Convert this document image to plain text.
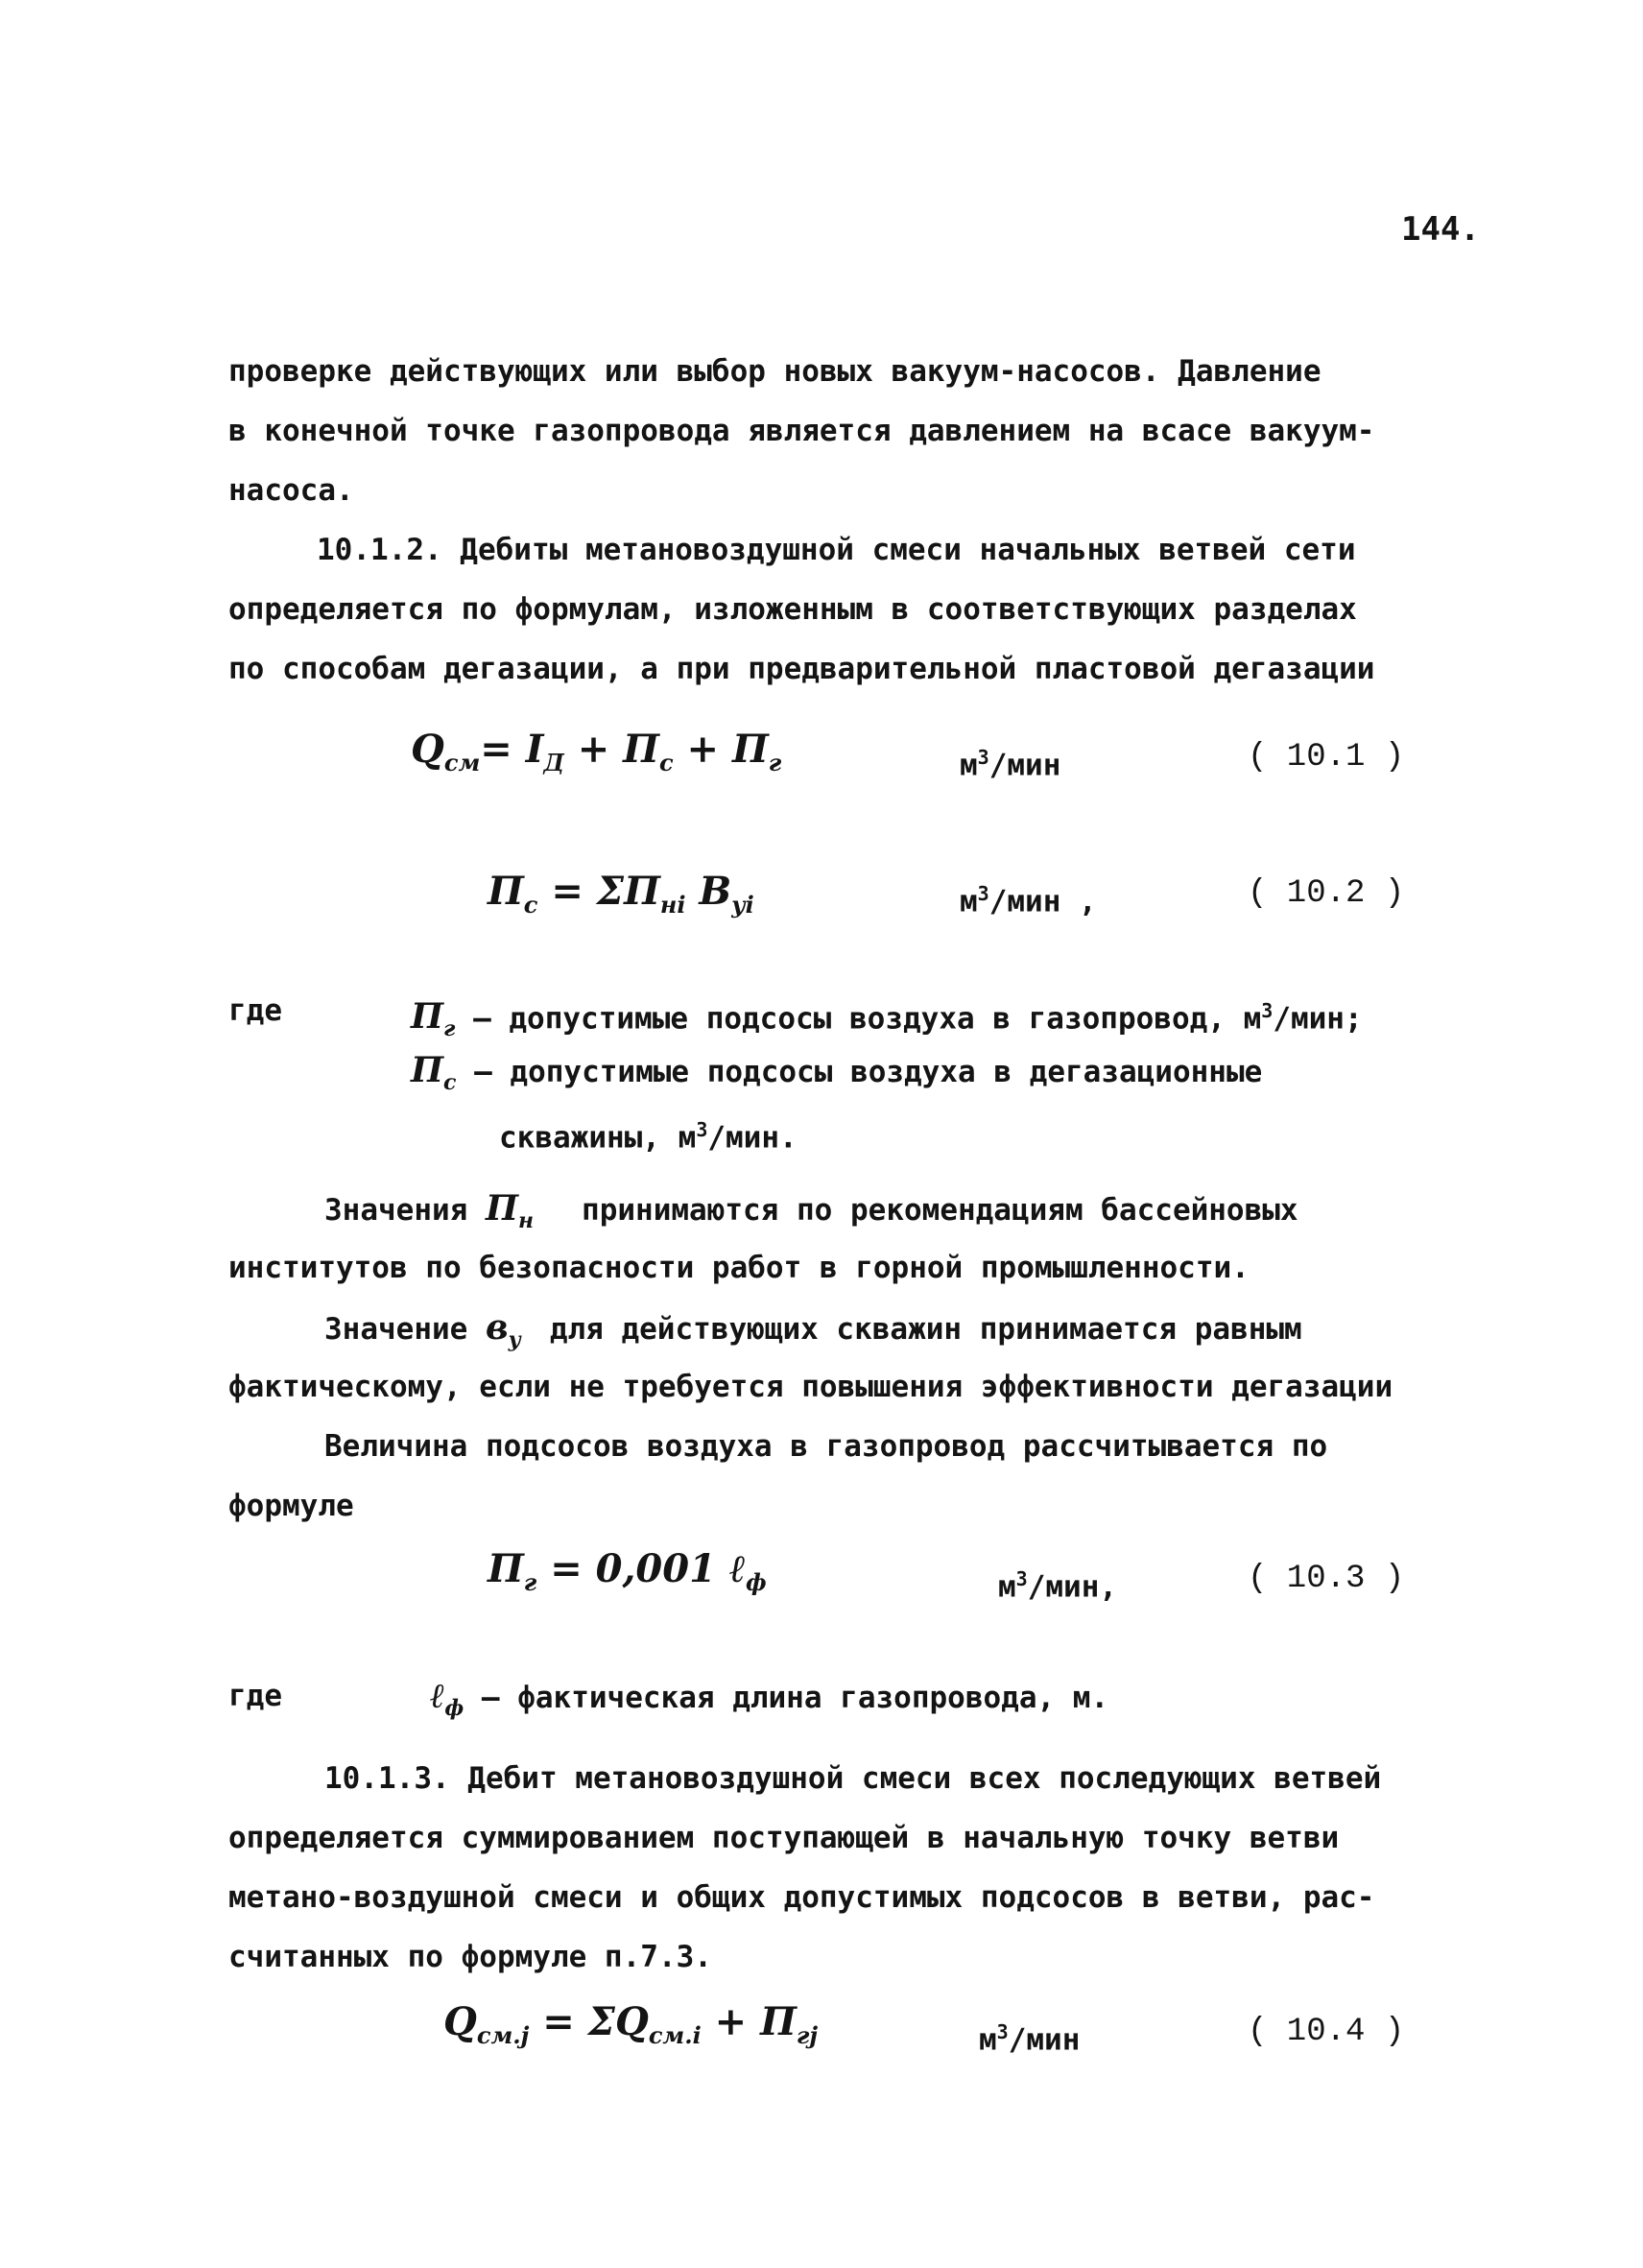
144.
проверке действующих или выбор новых вакуум-насосов. Давление
в конечной точке газопровода является давлением на всасе вакуум-
насоса.
10.1.2. Дебиты метановоздушной смеси начальных ветвей сети
определяется по формулам, изложенным в соответствующих разделах
по способам дегазации, а при предварительной пластовой дегазации
$Q_{см}= I_Д + П_с + П_г$	$м^3$/мин	( 10.1 )
$П_с = \Sigma П_{нi}$ $В_{уi}$	$м^3$/мин ,	( 10.2 )
где	$П_г$ – допустимые подсосы воздуха в газопровод, $м^3$/мин;
$П_с$ – допустимые подсосы воздуха в дегазационные
скважины, $м^3$/мин.
Значения $П_н$ принимаются по рекомендациям бассейновых
институтов по безопасности работ в горной промышленности.
Значение $в_у$ для действующих скважин принимается равным
фактическому, если не требуется повышения эффективности дегазации
Величина подсосов воздуха в газопровод рассчитывается по
формуле
$П_г = 0,001$ ℓ$_ф$	$м^3$/мин,	( 10.3 )
где	ℓ$_ф$ – фактическая длина газопровода, м.
10.1.3. Дебит метановоздушной смеси всех последующих ветвей
определяется суммированием поступающей в начальную точку ветви
метано-воздушной смеси и общих допустимых подсосов в ветви, рас-
считанных по формуле п.7.3.
$Q_{см.j} = \Sigma Q_{см.i} + П_{гj}$	$м^3$/мин	( 10.4 )
